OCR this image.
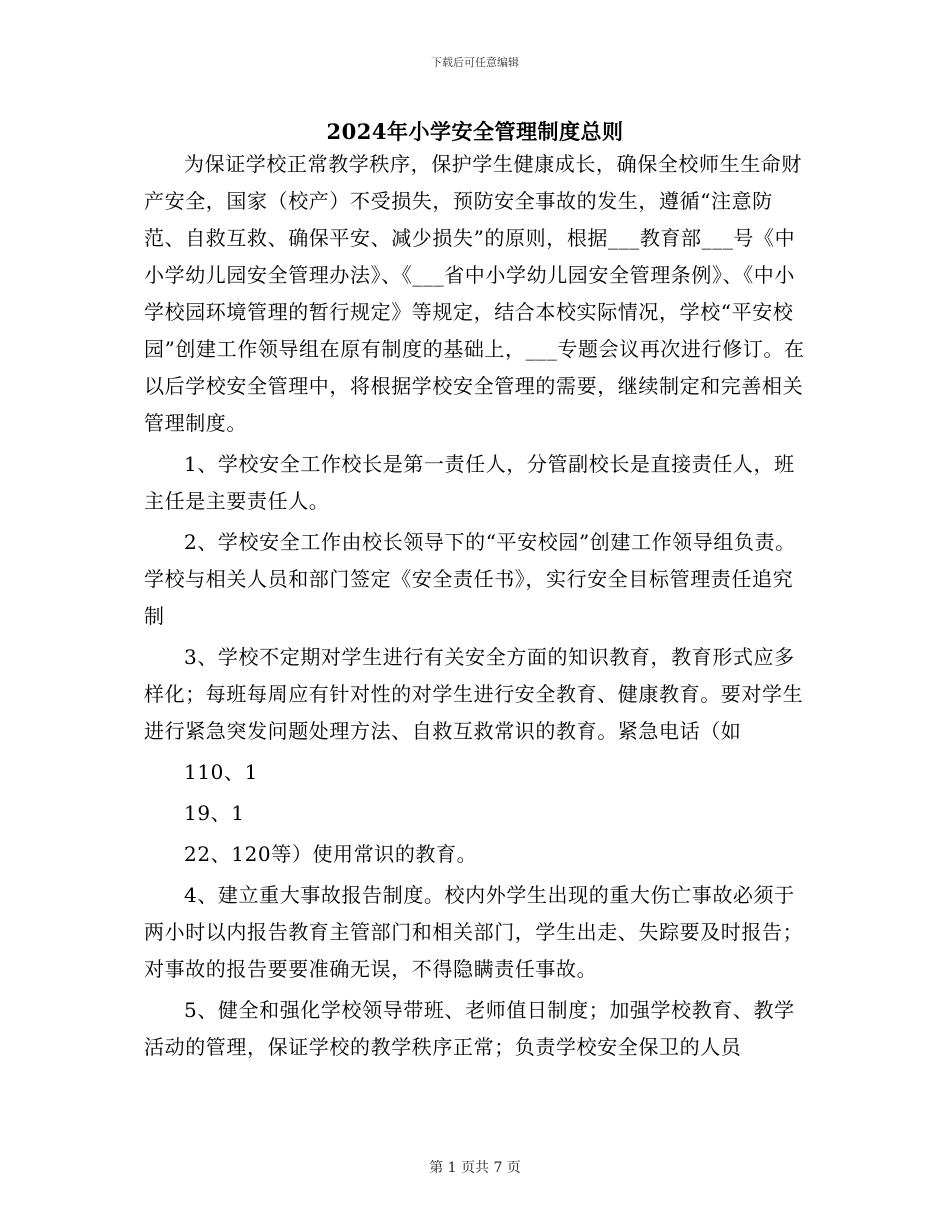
下载后可任意编辑
2024年小学安全管理制度总则

为保证学校正常教学秩序，保护学生健康成长，确保全校师生生命财产安全，国家（校产）不受损失，预防安全事故的发生，遵循“注意防范、自救互救、确保平安、减少损失”的原则，根据___教育部___号《中小学幼儿园安全管理办法》、《___省中小学幼儿园安全管理条例》、《中小学校园环境管理的暂行规定》等规定，结合本校实际情况，学校“平安校园”创建工作领导组在原有制度的基础上，___专题会议再次进行修订。在以后学校安全管理中，将根据学校安全管理的需要，继续制定和完善相关管理制度。

1、学校安全工作校长是第一责任人，分管副校长是直接责任人，班主任是主要责任人。

2、学校安全工作由校长领导下的“平安校园”创建工作领导组负责。学校与相关人员和部门签定《安全责任书》，实行安全目标管理责任追究制

3、学校不定期对学生进行有关安全方面的知识教育，教育形式应多样化；每班每周应有针对性的对学生进行安全教育、健康教育。要对学生进行紧急突发问题处理方法、自救互救常识的教育。紧急电话（如

110、1

19、1

22、120等）使用常识的教育。

4、建立重大事故报告制度。校内外学生出现的重大伤亡事故必须于两小时以内报告教育主管部门和相关部门，学生出走、失踪要及时报告；对事故的报告要要准确无误，不得隐瞒责任事故。

5、健全和强化学校领导带班、老师值日制度；加强学校教育、教学活动的管理，保证学校的教学秩序正常；负责学校安全保卫的人员

第 1 页共 7 页
